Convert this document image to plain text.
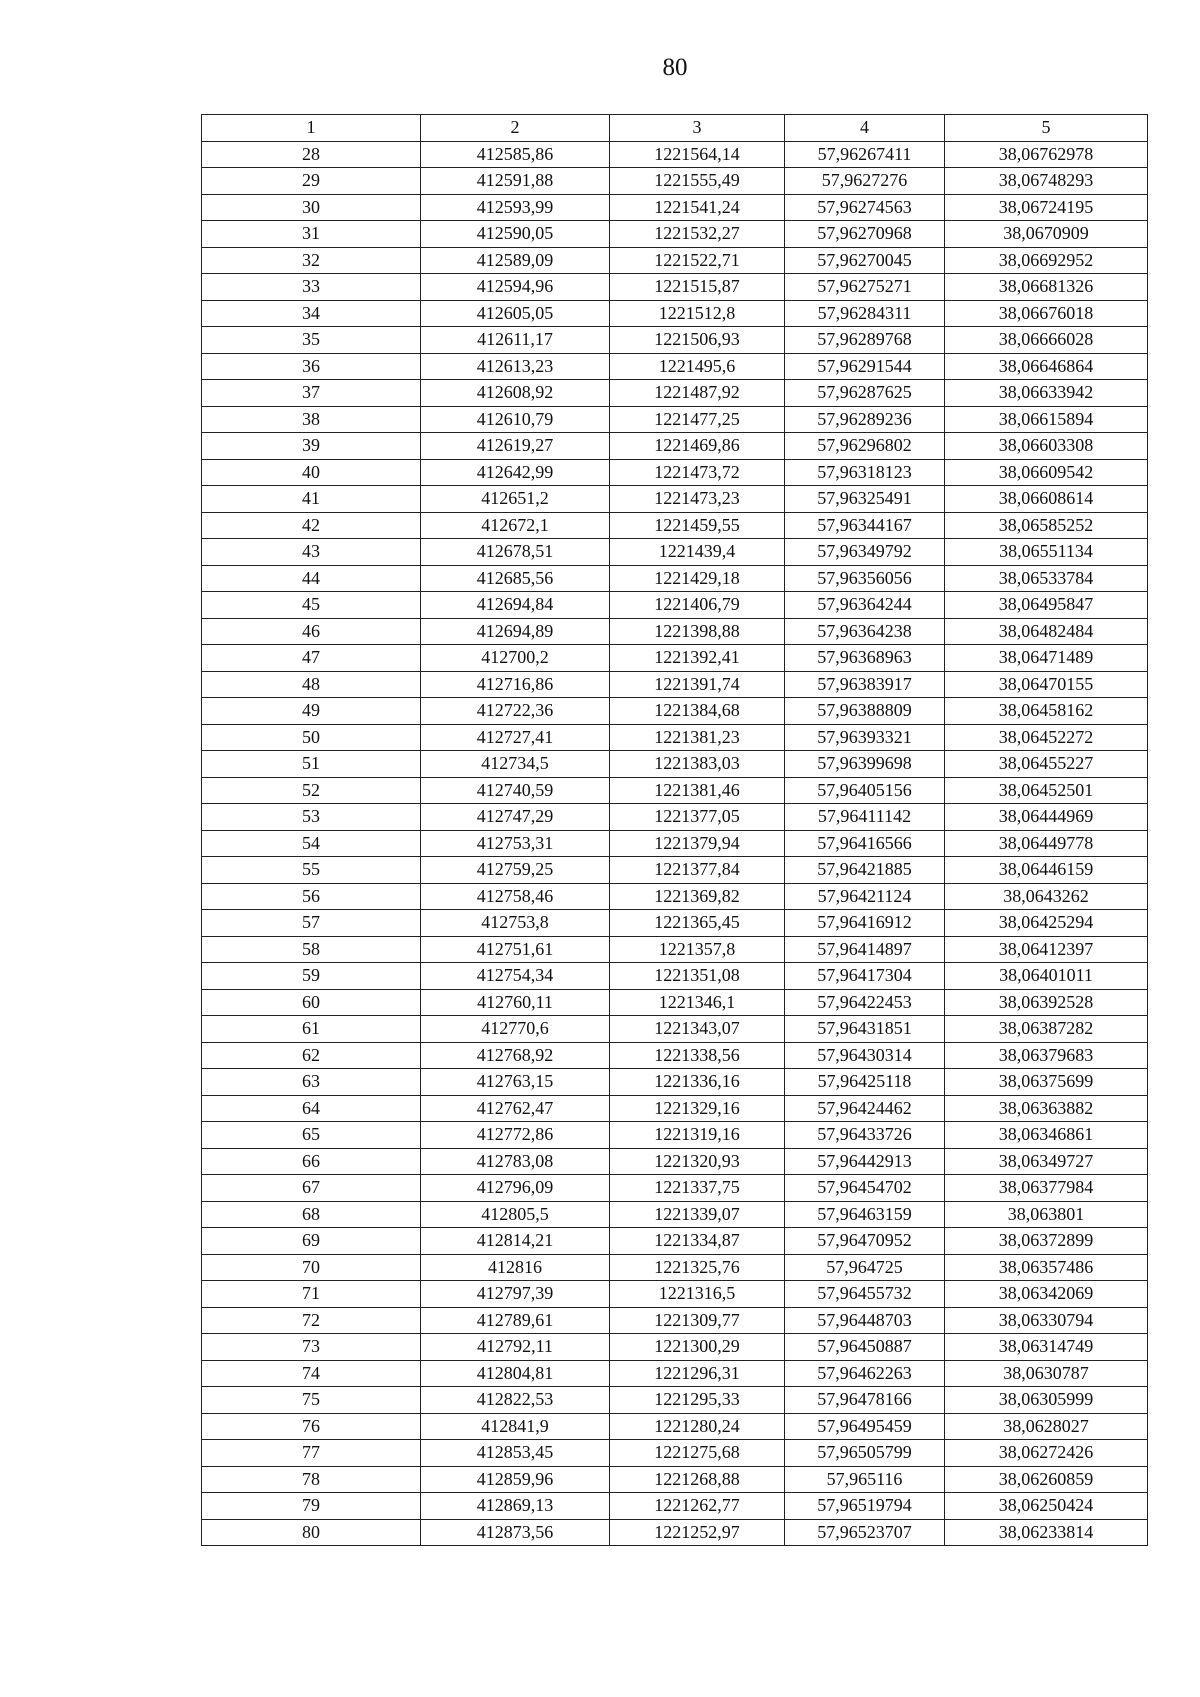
80
1	2	3	4	5
28	412585,86	1221564,14	57,96267411	38,06762978
29	412591,88	1221555,49	57,9627276	38,06748293
30	412593,99	1221541,24	57,96274563	38,06724195
31	412590,05	1221532,27	57,96270968	38,0670909
32	412589,09	1221522,71	57,96270045	38,06692952
33	412594,96	1221515,87	57,96275271	38,06681326
34	412605,05	1221512,8	57,96284311	38,06676018
35	412611,17	1221506,93	57,96289768	38,06666028
36	412613,23	1221495,6	57,96291544	38,06646864
37	412608,92	1221487,92	57,96287625	38,06633942
38	412610,79	1221477,25	57,96289236	38,06615894
39	412619,27	1221469,86	57,96296802	38,06603308
40	412642,99	1221473,72	57,96318123	38,06609542
41	412651,2	1221473,23	57,96325491	38,06608614
42	412672,1	1221459,55	57,96344167	38,06585252
43	412678,51	1221439,4	57,96349792	38,06551134
44	412685,56	1221429,18	57,96356056	38,06533784
45	412694,84	1221406,79	57,96364244	38,06495847
46	412694,89	1221398,88	57,96364238	38,06482484
47	412700,2	1221392,41	57,96368963	38,06471489
48	412716,86	1221391,74	57,96383917	38,06470155
49	412722,36	1221384,68	57,96388809	38,06458162
50	412727,41	1221381,23	57,96393321	38,06452272
51	412734,5	1221383,03	57,96399698	38,06455227
52	412740,59	1221381,46	57,96405156	38,06452501
53	412747,29	1221377,05	57,96411142	38,06444969
54	412753,31	1221379,94	57,96416566	38,06449778
55	412759,25	1221377,84	57,96421885	38,06446159
56	412758,46	1221369,82	57,96421124	38,0643262
57	412753,8	1221365,45	57,96416912	38,06425294
58	412751,61	1221357,8	57,96414897	38,06412397
59	412754,34	1221351,08	57,96417304	38,06401011
60	412760,11	1221346,1	57,96422453	38,06392528
61	412770,6	1221343,07	57,96431851	38,06387282
62	412768,92	1221338,56	57,96430314	38,06379683
63	412763,15	1221336,16	57,96425118	38,06375699
64	412762,47	1221329,16	57,96424462	38,06363882
65	412772,86	1221319,16	57,96433726	38,06346861
66	412783,08	1221320,93	57,96442913	38,06349727
67	412796,09	1221337,75	57,96454702	38,06377984
68	412805,5	1221339,07	57,96463159	38,063801
69	412814,21	1221334,87	57,96470952	38,06372899
70	412816	1221325,76	57,964725	38,06357486
71	412797,39	1221316,5	57,96455732	38,06342069
72	412789,61	1221309,77	57,96448703	38,06330794
73	412792,11	1221300,29	57,96450887	38,06314749
74	412804,81	1221296,31	57,96462263	38,0630787
75	412822,53	1221295,33	57,96478166	38,06305999
76	412841,9	1221280,24	57,96495459	38,0628027
77	412853,45	1221275,68	57,96505799	38,06272426
78	412859,96	1221268,88	57,965116	38,06260859
79	412869,13	1221262,77	57,96519794	38,06250424
80	412873,56	1221252,97	57,96523707	38,06233814
